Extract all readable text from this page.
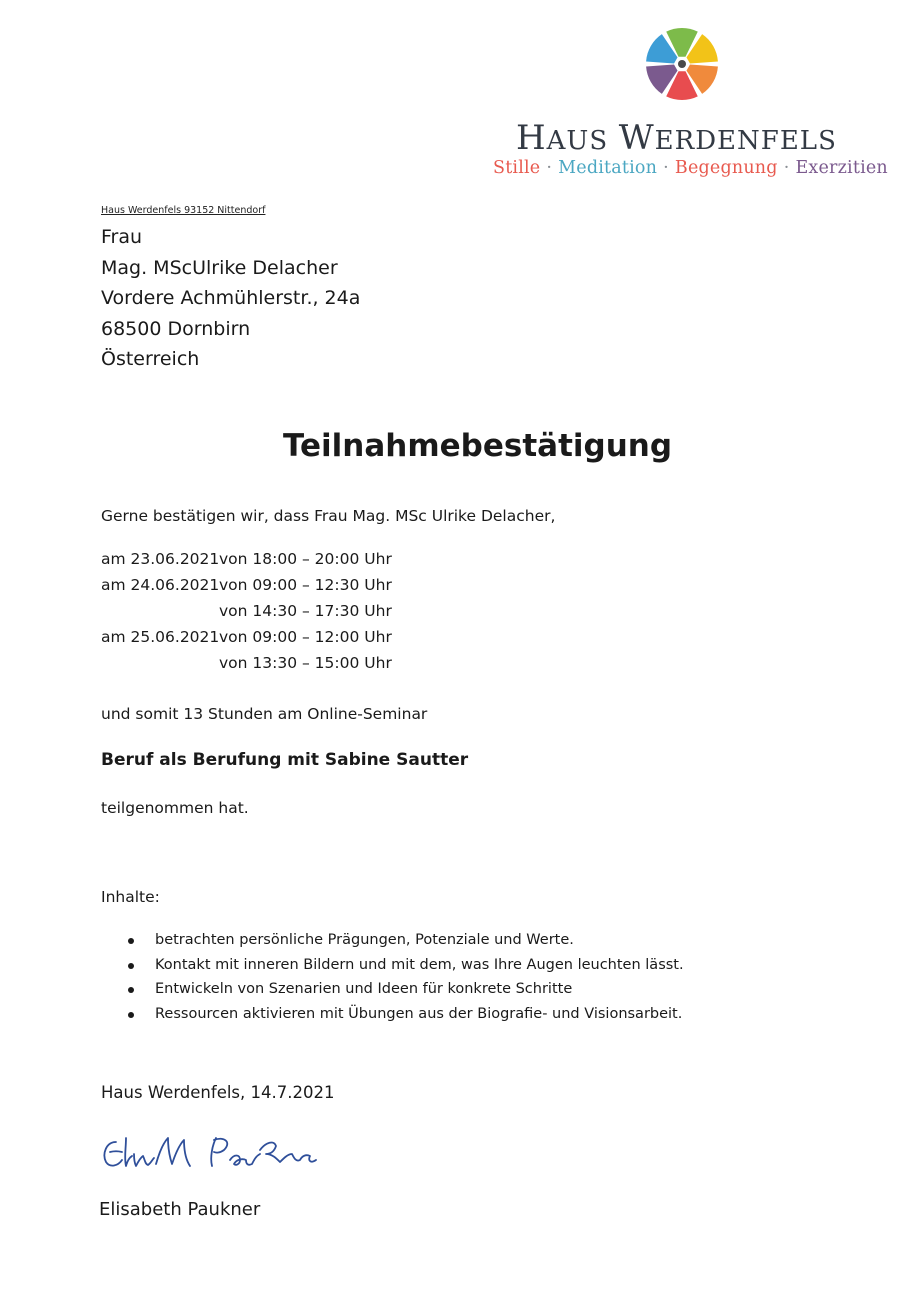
HAUS WERDENFELS
Stille · Meditation · Begegnung · Exerzitien
Haus Werdenfels 93152 Nittendorf
Frau
Mag. MScUlrike Delacher
Vordere Achmühlerstr., 24a
68500 Dornbirn
Österreich
Teilnahmebestätigung
Gerne bestätigen wir, dass Frau Mag. MSc Ulrike Delacher,
am 23.06.2021von 18:00 – 20:00 Uhr
am 24.06.2021von 09:00 – 12:30 Uhr
von 14:30 – 17:30 Uhr
am 25.06.2021von 09:00 – 12:00 Uhr
von 13:30 – 15:00 Uhr
und somit 13 Stunden am Online-Seminar
Beruf als Berufung mit Sabine Sautter
teilgenommen hat.
Inhalte:
betrachten persönliche Prägungen, Potenziale und Werte.
Kontakt mit inneren Bildern und mit dem, was Ihre Augen leuchten lässt.
Entwickeln von Szenarien und Ideen für konkrete Schritte
Ressourcen aktivieren mit Übungen aus der Biografie- und Visionsarbeit.
Haus Werdenfels, 14.7.2021
Elisabeth Paukner
